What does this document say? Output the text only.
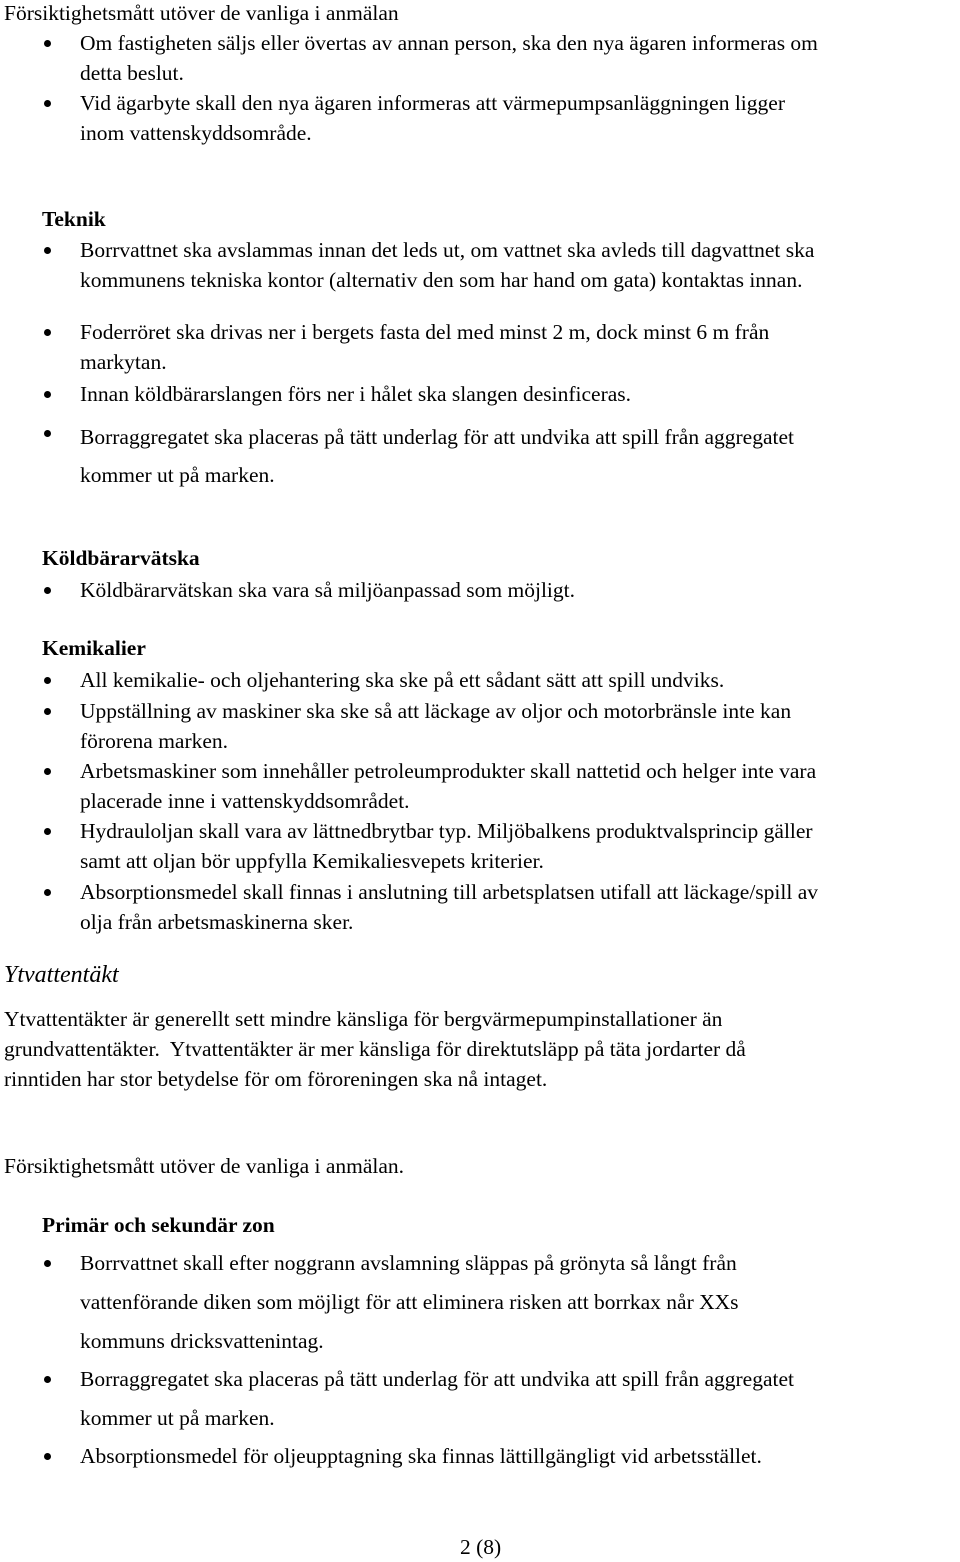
Försiktighetsmått utöver de vanliga i anmälan

Om fastigheten säljs eller övertas av annan person, ska den nya ägaren informeras om
detta beslut.

Vid ägarbyte skall den nya ägaren informeras att värmepumpsanläggningen ligger
inom vattenskyddsområde.

Teknik

Borrvattnet ska avslammas innan det leds ut, om vattnet ska avleds till dagvattnet ska
kommunens tekniska kontor (alternativ den som har hand om gata) kontaktas innan.

Foderröret ska drivas ner i bergets fasta del med minst 2 m, dock minst 6 m från
markytan.

Innan köldbärarslangen förs ner i hålet ska slangen desinficeras.

Borraggregatet ska placeras på tätt underlag för att undvika att spill från aggregatet
kommer ut på marken.

Köldbärarvätska

Köldbärarvätskan ska vara så miljöanpassad som möjligt.

Kemikalier

All kemikalie- och oljehantering ska ske på ett sådant sätt att spill undviks.

Uppställning av maskiner ska ske så att läckage av oljor och motorbränsle inte kan
förorena marken.

Arbetsmaskiner som innehåller petroleumprodukter skall nattetid och helger inte vara
placerade inne i vattenskyddsområdet.

Hydrauloljan skall vara av lättnedbrytbar typ. Miljöbalkens produktvalsprincip gäller
samt att oljan bör uppfylla Kemikaliesvepets kriterier.

Absorptionsmedel skall finnas i anslutning till arbetsplatsen utifall att läckage/spill av
olja från arbetsmaskinerna sker.

Ytvattentäkt

Ytvattentäkter är generellt sett mindre känsliga för bergvärmepumpinstallationer än
grundvattentäkter.  Ytvattentäkter är mer känsliga för direktutsläpp på täta jordarter då
rinntiden har stor betydelse för om föroreningen ska nå intaget.

Försiktighetsmått utöver de vanliga i anmälan.

Primär och sekundär zon

Borrvattnet skall efter noggrann avslamning släppas på grönyta så långt från
vattenförande diken som möjligt för att eliminera risken att borrkax når XXs
kommuns dricksvattenintag.

Borraggregatet ska placeras på tätt underlag för att undvika att spill från aggregatet
kommer ut på marken.

Absorptionsmedel för oljeupptagning ska finnas lättillgängligt vid arbetsstället.

2 (8)
